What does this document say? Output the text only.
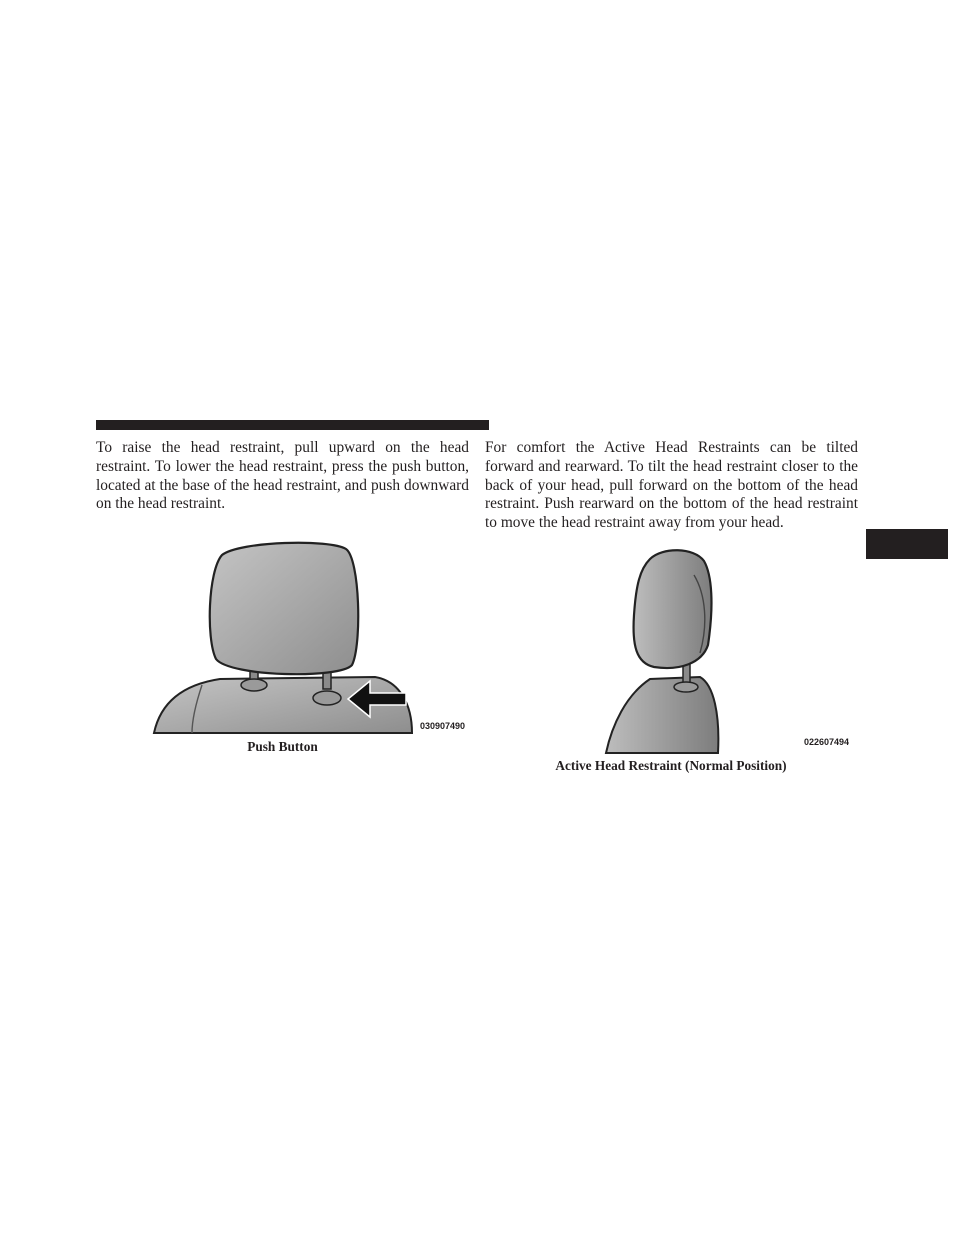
To raise the head restraint, pull upward on the head restraint. To lower the head restraint, press the push button, located at the base of the head restraint, and push downward on the head restraint.

For comfort the Active Head Restraints can be tilted forward and rearward. To tilt the head restraint closer to the back of your head, pull forward on the bottom of the head restraint. Push rearward on the bottom of the head restraint to move the head restraint away from your head.

030907490

Push Button	022607494

Active Head Restraint (Normal Position)
